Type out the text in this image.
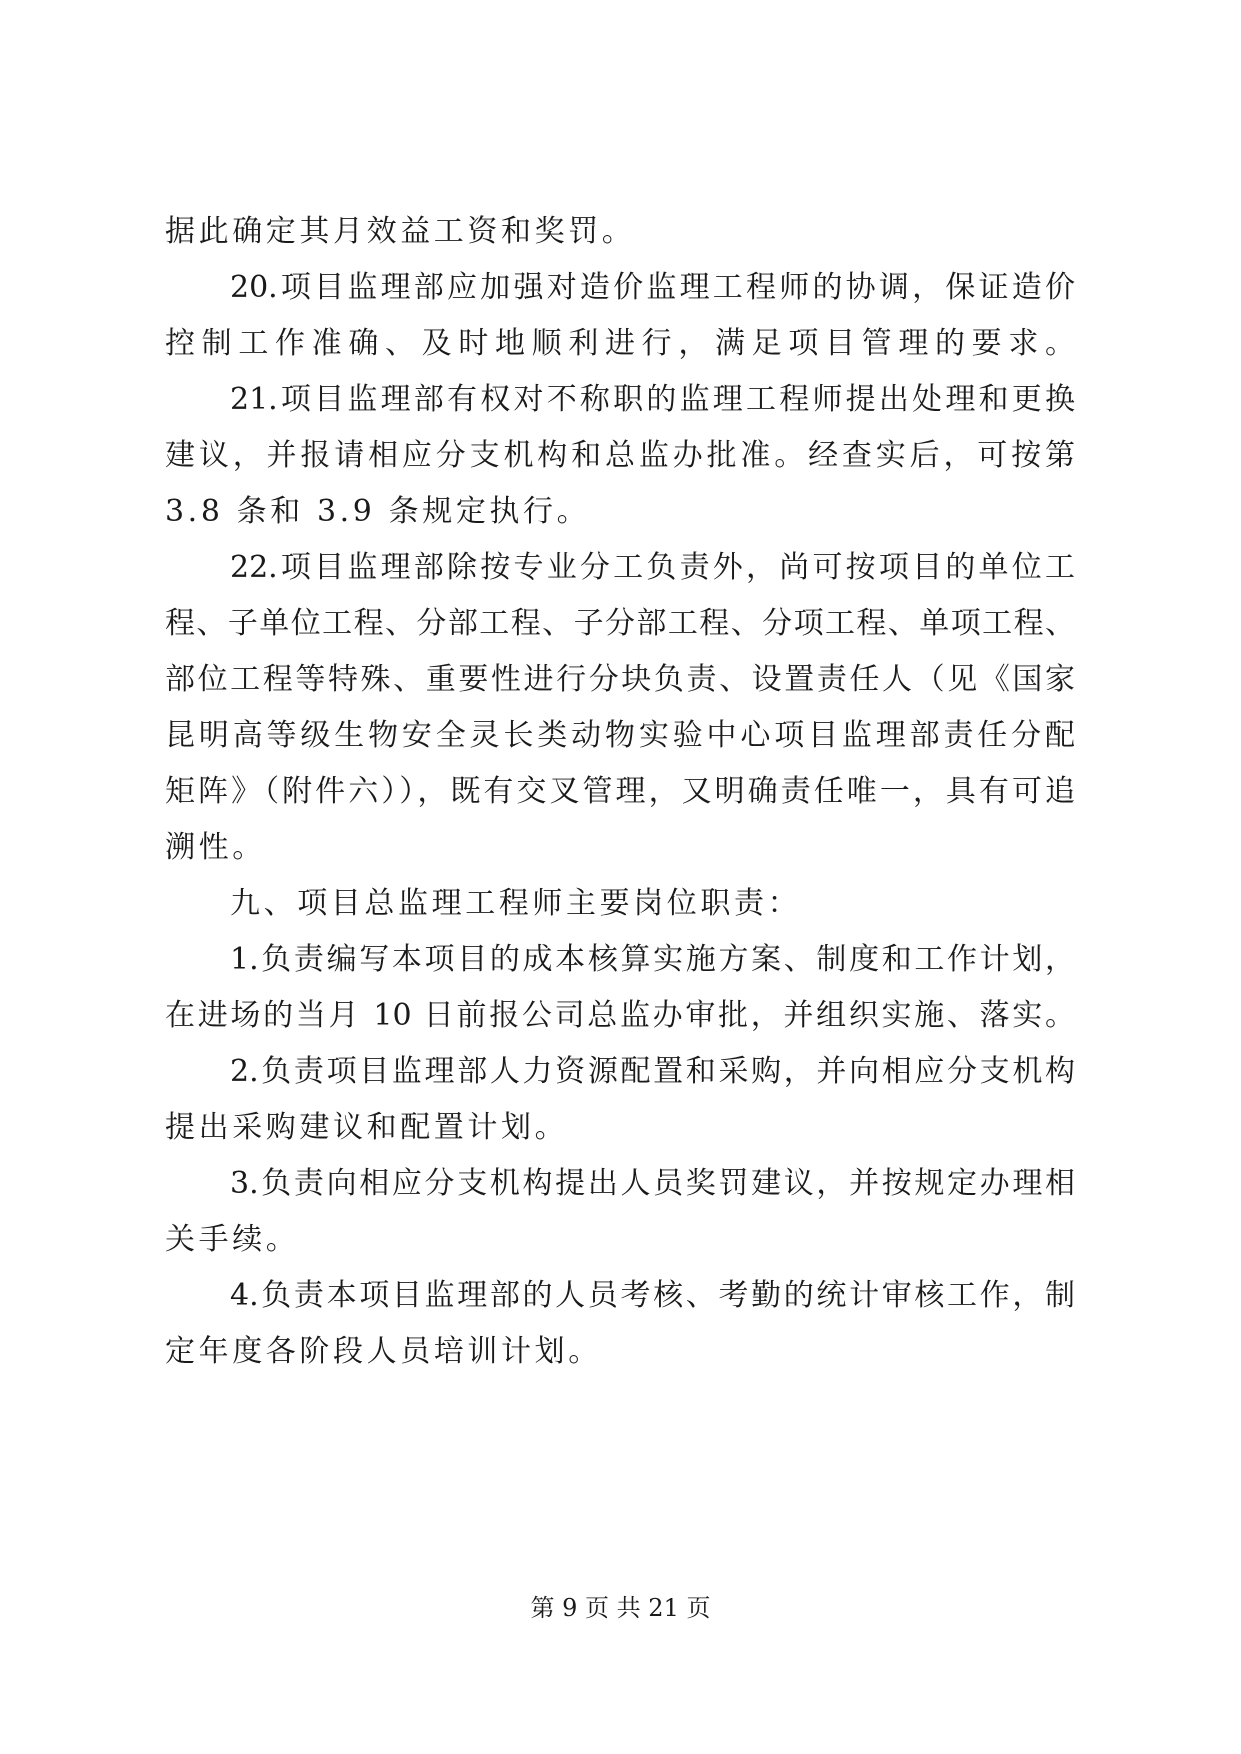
据此确定其月效益工资和奖罚。
20.项目监理部应加强对造价监理工程师的协调，保证造价
控制工作准确、及时地顺利进行，满足项目管理的要求。
21.项目监理部有权对不称职的监理工程师提出处理和更换
建议，并报请相应分支机构和总监办批准。经查实后，可按第
3.8 条和 3.9 条规定执行。
22.项目监理部除按专业分工负责外，尚可按项目的单位工
程、子单位工程、分部工程、子分部工程、分项工程、单项工程、
部位工程等特殊、重要性进行分块负责、设置责任人（见《国家
昆明高等级生物安全灵长类动物实验中心项目监理部责任分配
矩阵》（附件六）），既有交叉管理，又明确责任唯一，具有可追
溯性。
九、项目总监理工程师主要岗位职责：
1.负责编写本项目的成本核算实施方案、制度和工作计划，
在进场的当月 10 日前报公司总监办审批，并组织实施、落实。
2.负责项目监理部人力资源配置和采购，并向相应分支机构
提出采购建议和配置计划。
3.负责向相应分支机构提出人员奖罚建议，并按规定办理相
关手续。
4.负责本项目监理部的人员考核、考勤的统计审核工作，制
定年度各阶段人员培训计划。
第 9 页 共 21 页
